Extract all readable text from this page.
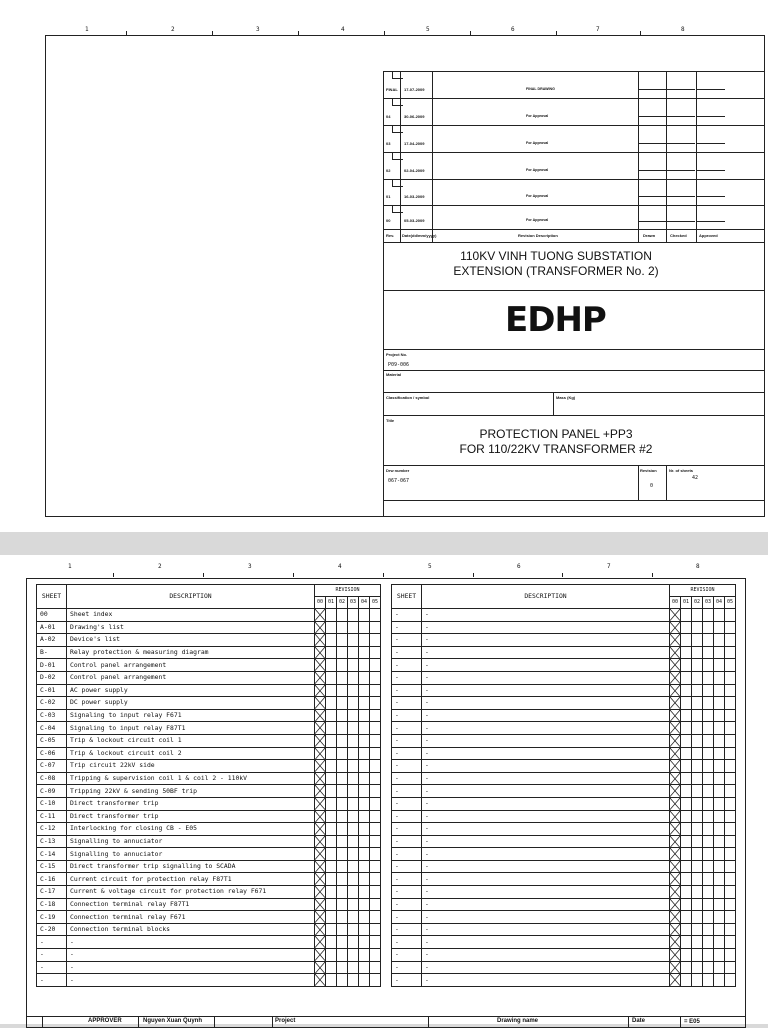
1	2	3	4	5	6	7	8
FINAL 17-07-2009	FINAL DRAWING
04	30-06-2009	For Approval
03	17-04-2009	For Approval
02	02-04-2009	For Approval
01	16-03-2009	For Approval
00	05-03-2009	For Approval
Rev. Date(dd/mm/yyyy)	Revision Description	Drawn	Checked	Approved
110KV VINH TUONG SUBSTATION
EXTENSION (TRANSFORMER No. 2)
EDHP
Project No.
P09-006
Material
Classification / symbol	Mass (Kg)
Title
PROTECTION PANEL +PP3
FOR 110/22KV TRANSFORMER #2
Drw number
067-067
Revision
0
Nr. of sheets
42
1	2	3	4	5	6	7	8
SHEET	DESCRIPTION	REVISION					
		00	01	02	03	04	05
00	Sheet index	

A-01	Drawing's list	

A-02	Device's list	

B-	Relay protection & measuring diagram	

D-01	Control panel arrangement	

D-02	Control panel arrangement	

C-01	AC power supply	

C-02	DC power supply	

C-03	Signaling to input relay F671	

C-04	Signaling to input relay F87T1	

C-05	Trip & lockout circuit coil 1	

C-06	Trip & lockout circuit coil 2	

C-07	Trip circuit 22kV side	

C-08	Tripping & supervision coil 1 & coil 2 - 110kV	

C-09	Tripping 22kV & sending 50BF trip	

C-10	Direct transformer trip	

C-11	Direct transformer trip	

C-12	Interlocking for closing CB - E05	

C-13	Signalling to annuciator	

C-14	Signalling to annuciator	

C-15	Direct transformer trip signalling to SCADA	

C-16	Current circuit for protection relay F87T1	

C-17	Current & voltage circuit for protection relay F671	

C-18	Connection terminal relay F87T1	

C-19	Connection terminal relay F671	

C-20	Connection terminal blocks	

-	-	

-	-	

-	-	

-	-	

SHEET	DESCRIPTION	REVISION					
		00	01	02	03	04	05
-	-	

-	-	

-	-	

-	-	

-	-	

-	-	

-	-	

-	-	

-	-	

-	-	

-	-	

-	-	

-	-	

-	-	

-	-	

-	-	

-	-	

-	-	

-	-	

-	-	

-	-	

-	-	

-	-	

-	-	

-	-	

-	-	

-	-	

-	-	

-	-	

-	-	

APPROVER	Nguyen Xuan Quynh	Project	Drawing name	Date	= E05
